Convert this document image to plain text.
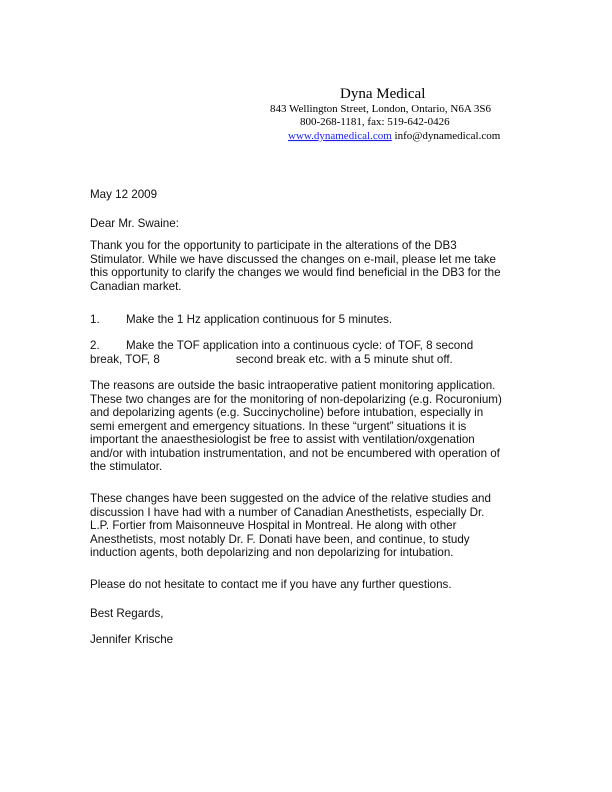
Dyna Medical
843 Wellington Street, London, Ontario, N6A 3S6
800-268-1181, fax: 519-642-0426
www.dynamedical.com info@dynamedical.com
May 12 2009
Dear Mr. Swaine:
Thank you for the opportunity to participate in the alterations of the DB3
Stimulator. While we have discussed the changes on e-mail, please let me take
this opportunity to clarify the changes we would find beneficial in the DB3 for the
Canadian market.
1. Make the 1 Hz application continuous for 5 minutes.
2. Make the TOF application into a continuous cycle: of TOF, 8 second
break, TOF, 8	second break etc. with a 5 minute shut off.
The reasons are outside the basic intraoperative patient monitoring application.
These two changes are for the monitoring of non-depolarizing (e.g. Rocuronium)
and depolarizing agents (e.g. Succinycholine) before intubation, especially in
semi emergent and emergency situations. In these “urgent” situations it is
important the anaesthesiologist be free to assist with ventilation/oxgenation
and/or with intubation instrumentation, and not be encumbered with operation of
the stimulator.
These changes have been suggested on the advice of the relative studies and
discussion I have had with a number of Canadian Anesthetists, especially Dr.
L.P. Fortier from Maisonneuve Hospital in Montreal. He along with other
Anesthetists, most notably Dr. F. Donati have been, and continue, to study
induction agents, both depolarizing and non depolarizing for intubation.
Please do not hesitate to contact me if you have any further questions.
Best Regards,
Jennifer Krische
